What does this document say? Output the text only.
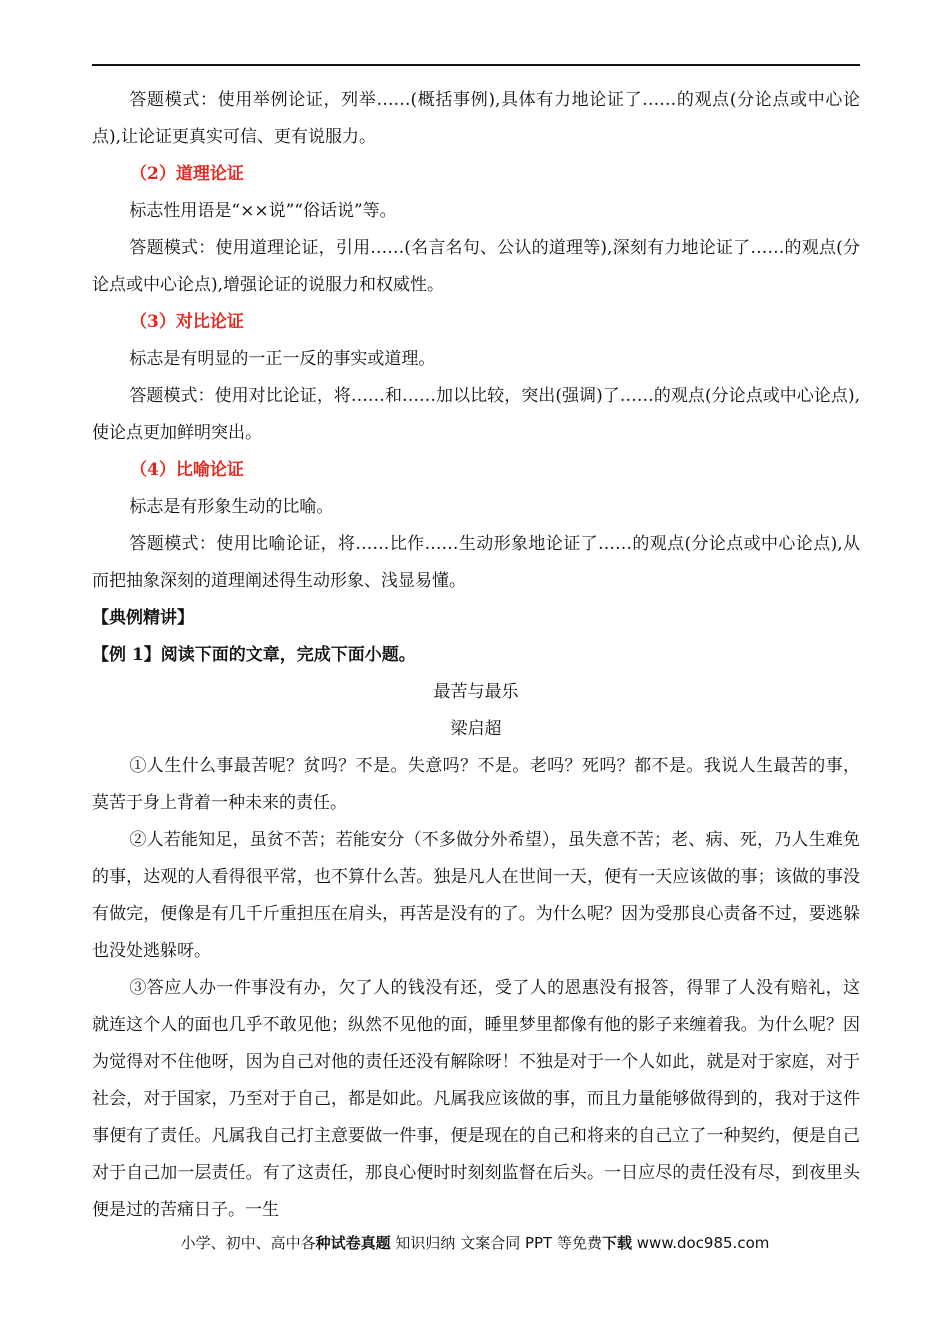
答题模式：使用举例论证，列举……(概括事例),具体有力地论证了……的观点(分论点或中心论点),让论证更真实可信、更有说服力。

（2）道理论证

标志性用语是“××说”“俗话说”等。

答题模式：使用道理论证，引用……(名言名句、公认的道理等),深刻有力地论证了……的观点(分论点或中心论点),增强论证的说服力和权威性。

（3）对比论证

标志是有明显的一正一反的事实或道理。

答题模式：使用对比论证，将……和……加以比较，突出(强调)了……的观点(分论点或中心论点),使论点更加鲜明突出。

（4）比喻论证

标志是有形象生动的比喻。

答题模式：使用比喻论证，将……比作……生动形象地论证了……的观点(分论点或中心论点),从而把抽象深刻的道理阐述得生动形象、浅显易懂。

【典例精讲】

【例 1】阅读下面的文章，完成下面小题。

最苦与最乐

梁启超

①人生什么事最苦呢？贫吗？不是。失意吗？不是。老吗？死吗？都不是。我说人生最苦的事，莫苦于身上背着一种未来的责任。

②人若能知足，虽贫不苦；若能安分（不多做分外希望），虽失意不苦；老、病、死，乃人生难免的事，达观的人看得很平常，也不算什么苦。独是凡人在世间一天，便有一天应该做的事；该做的事没有做完，便像是有几千斤重担压在肩头，再苦是没有的了。为什么呢？因为受那良心责备不过，要逃躲也没处逃躲呀。

③答应人办一件事没有办，欠了人的钱没有还，受了人的恩惠没有报答，得罪了人没有赔礼，这就连这个人的面也几乎不敢见他；纵然不见他的面，睡里梦里都像有他的影子来缠着我。为什么呢？因为觉得对不住他呀，因为自己对他的责任还没有解除呀！不独是对于一个人如此，就是对于家庭，对于社会，对于国家，乃至对于自己，都是如此。凡属我应该做的事，而且力量能够做得到的，我对于这件事便有了责任。凡属我自己打主意要做一件事，便是现在的自己和将来的自己立了一种契约，便是自己对于自己加一层责任。有了这责任，那良心便时时刻刻监督在后头。一日应尽的责任没有尽，到夜里头便是过的苦痛日子。一生

小学、初中、高中各种试卷真题 知识归纳 文案合同 PPT 等免费下载 www.doc985.com
